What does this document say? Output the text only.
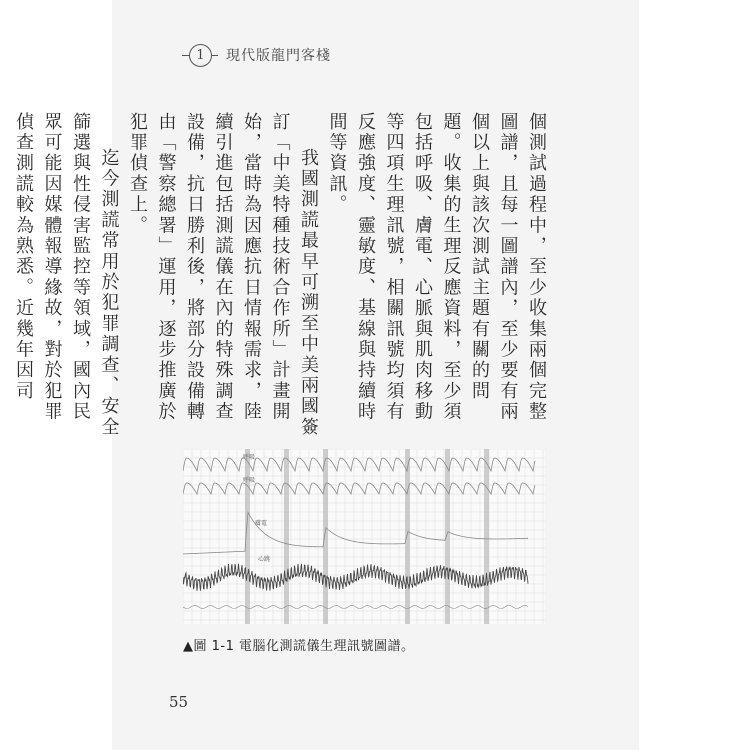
1	現代版龍門客棧

個測試過程中，至少收集兩個完整圖譜，且每一圖譜內，至少要有兩個以上與該次測試主題有關的問題。收集的生理反應資料，至少須包括呼吸、膚電、心脈與肌肉移動等四項生理訊號，相關訊號均須有反應強度、靈敏度、基線與持續時間等資訊。

我國測謊最早可溯至中美兩國簽訂「中美特種技術合作所」計畫開始，當時為因應抗日情報需求，陸續引進包括測謊儀在內的特殊調查設備，抗日勝利後，將部分設備轉由「警察總署」運用，逐步推廣於犯罪偵查上。

迄今測謊常用於犯罪調查、安全篩選與性侵害監控等領域，國內民眾可能因媒體報導緣故，對於犯罪偵查測謊較為熟悉。近幾年因司

呼吸
呼吸
膚電
心跳
▲圖 1-1 電腦化測謊儀生理訊號圖譜。
55
